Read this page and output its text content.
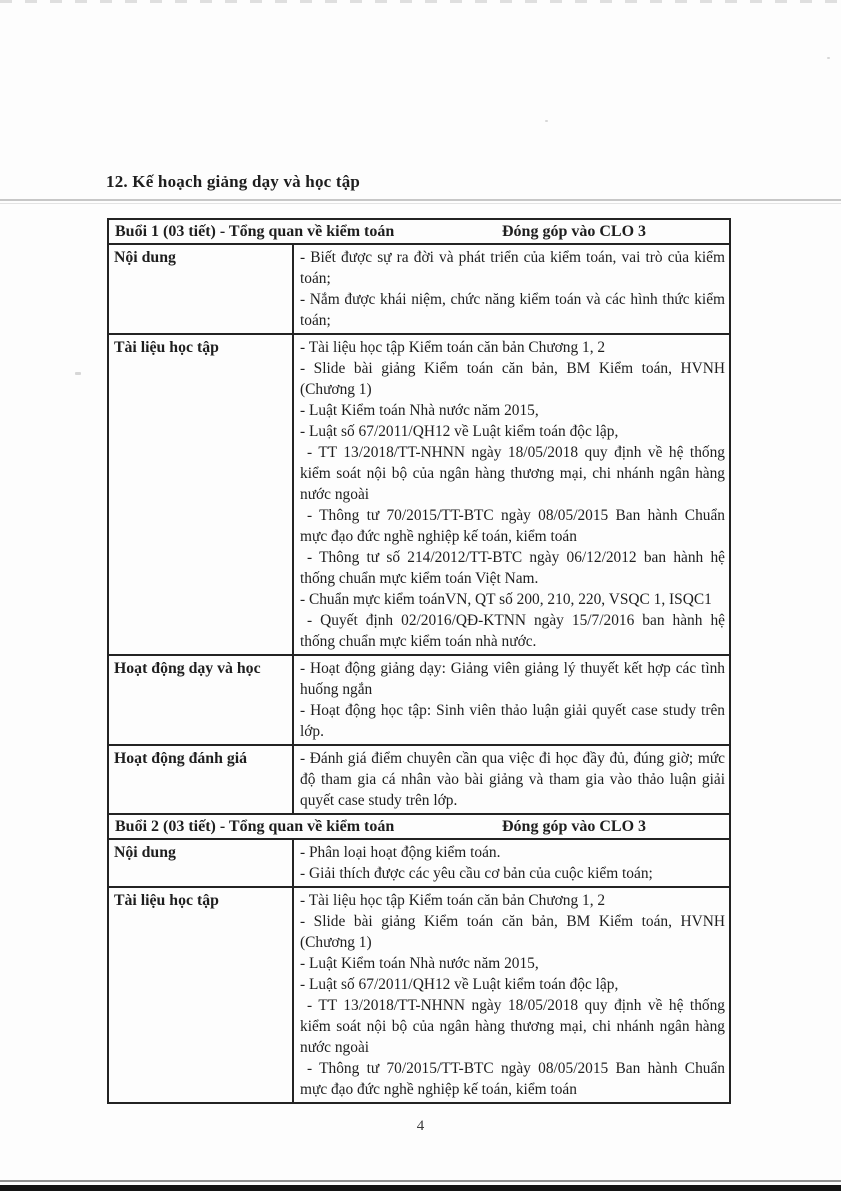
12. Kế hoạch giảng dạy và học tập
Buổi 1 (03 tiết) - Tổng quan về kiểm toán	Đóng góp vào CLO 3
Nội dung	- Biết được sự ra đời và phát triển của kiểm toán, vai trò của kiểm toán;

- Nắm được khái niệm, chức năng kiểm toán và các hình thức kiểm toán;

Tài liệu học tập	- Tài liệu học tập Kiểm toán căn bản Chương 1, 2

- Slide bài giảng Kiểm toán căn bản, BM Kiểm toán, HVNH (Chương 1)

- Luật Kiểm toán Nhà nước năm 2015,

- Luật số 67/2011/QH12 về Luật kiểm toán độc lập,

- TT 13/2018/TT-NHNN ngày 18/05/2018 quy định về hệ thống kiểm soát nội bộ của ngân hàng thương mại, chi nhánh ngân hàng nước ngoài

- Thông tư 70/2015/TT-BTC ngày 08/05/2015 Ban hành Chuẩn mực đạo đức nghề nghiệp kế toán, kiểm toán

- Thông tư số 214/2012/TT-BTC ngày 06/12/2012 ban hành hệ thống chuẩn mực kiểm toán Việt Nam.

- Chuẩn mực kiểm toánVN, QT số 200, 210, 220, VSQC 1, ISQC1

- Quyết định 02/2016/QĐ-KTNN ngày 15/7/2016 ban hành hệ thống chuẩn mực kiểm toán nhà nước.

Hoạt động dạy và học	- Hoạt động giảng dạy: Giảng viên giảng lý thuyết kết hợp các tình huống ngắn

- Hoạt động học tập: Sinh viên thảo luận giải quyết case study trên lớp.

Hoạt động đánh giá	- Đánh giá điểm chuyên cần qua việc đi học đầy đủ, đúng giờ; mức độ tham gia cá nhân vào bài giảng và tham gia vào thảo luận giải quyết case study trên lớp.

Buổi 2 (03 tiết) - Tổng quan về kiểm toán	Đóng góp vào CLO 3
Nội dung	- Phân loại hoạt động kiểm toán.

- Giải thích được các yêu cầu cơ bản của cuộc kiểm toán;

Tài liệu học tập	- Tài liệu học tập Kiểm toán căn bản Chương 1, 2

- Slide bài giảng Kiểm toán căn bản, BM Kiểm toán, HVNH (Chương 1)

- Luật Kiểm toán Nhà nước năm 2015,

- Luật số 67/2011/QH12 về Luật kiểm toán độc lập,

- TT 13/2018/TT-NHNN ngày 18/05/2018 quy định về hệ thống kiểm soát nội bộ của ngân hàng thương mại, chi nhánh ngân hàng nước ngoài

- Thông tư 70/2015/TT-BTC ngày 08/05/2015 Ban hành Chuẩn mực đạo đức nghề nghiệp kế toán, kiểm toán

4
